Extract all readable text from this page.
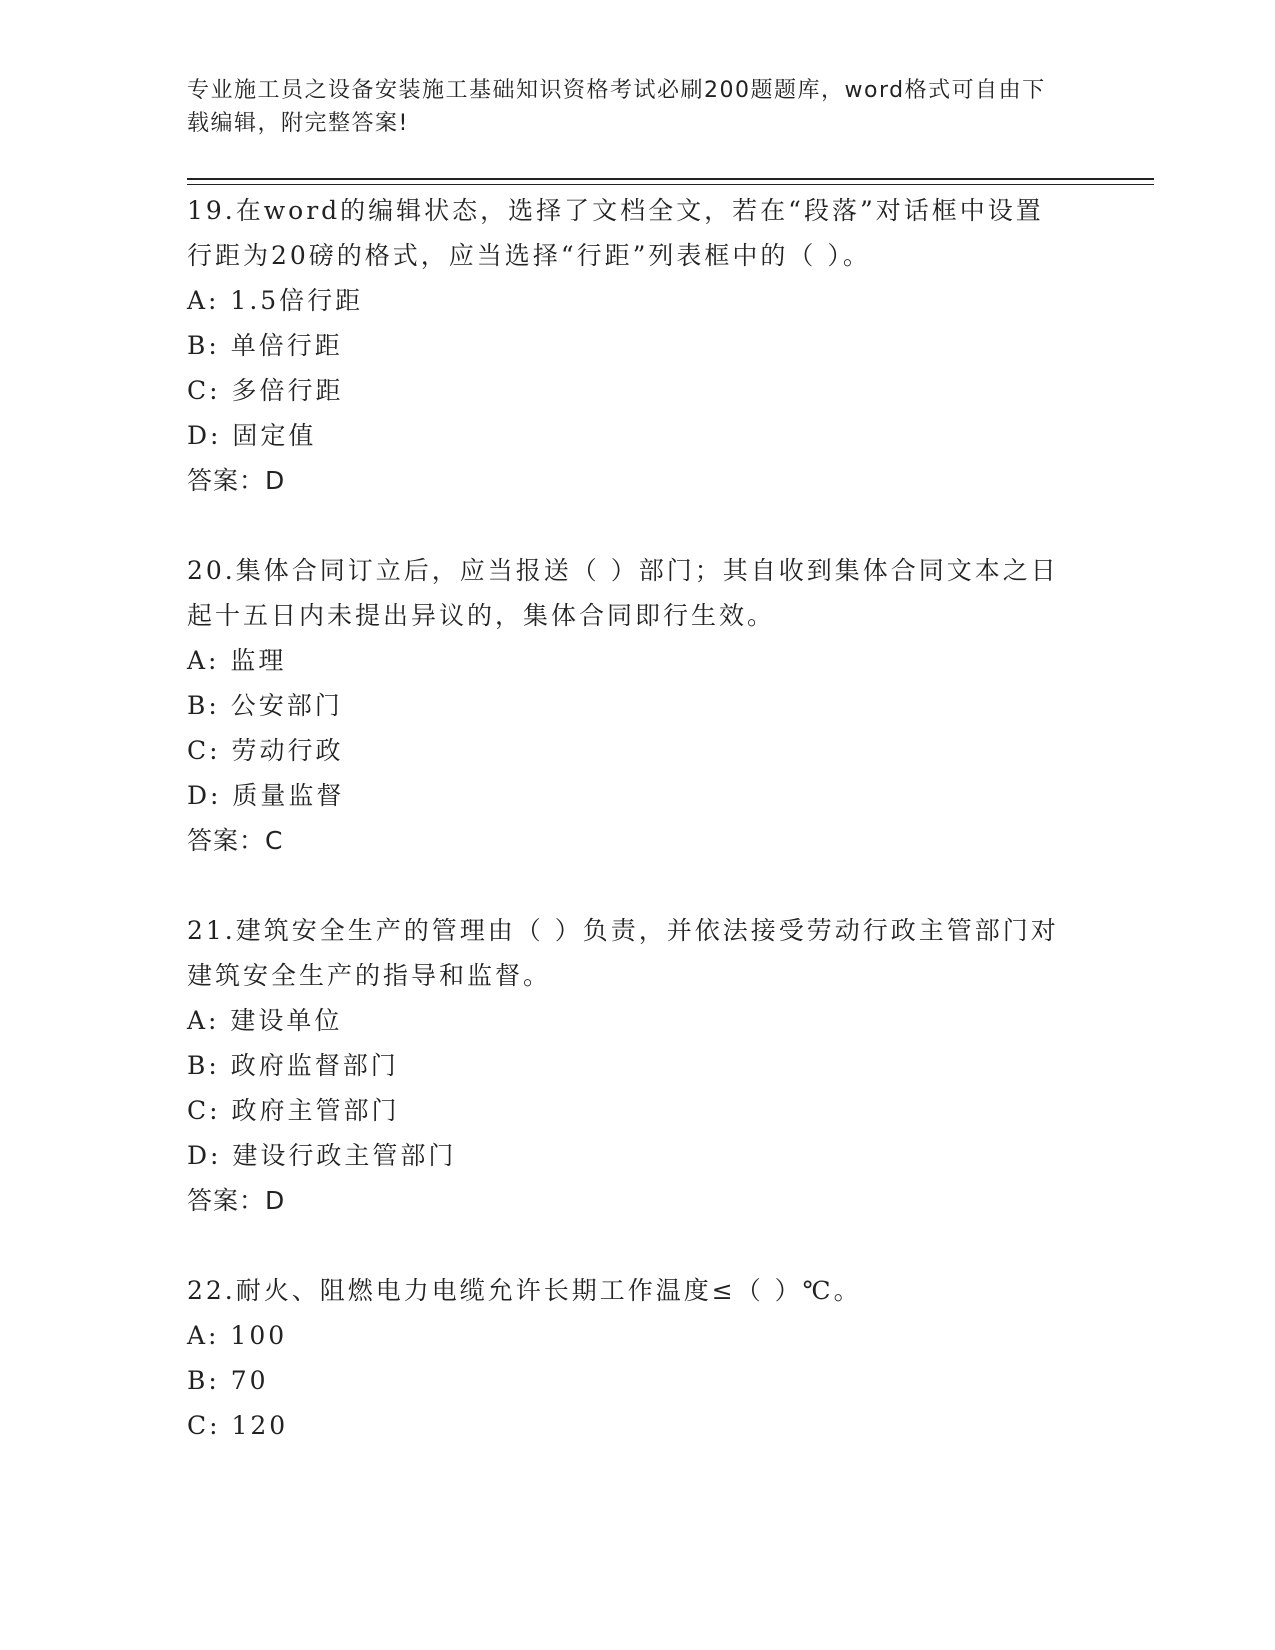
专业施工员之设备安装施工基础知识资格考试必刷200题题库，word格式可自由下载编辑，附完整答案!

19.在word的编辑状态，选择了文档全文，若在“段落”对话框中设置行距为20磅的格式，应当选择“行距”列表框中的（ ）。

A: 1.5倍行距

B: 单倍行距

C: 多倍行距

D: 固定值

答案：D

20.集体合同订立后，应当报送（ ）部门；其自收到集体合同文本之日起十五日内未提出异议的，集体合同即行生效。

A: 监理

B: 公安部门

C: 劳动行政

D: 质量监督

答案：C

21.建筑安全生产的管理由（ ）负责，并依法接受劳动行政主管部门对建筑安全生产的指导和监督。

A: 建设单位

B: 政府监督部门

C: 政府主管部门

D: 建设行政主管部门

答案：D

22.耐火、阻燃电力电缆允许长期工作温度≤（ ）℃。

A: 100

B: 70

C: 120
